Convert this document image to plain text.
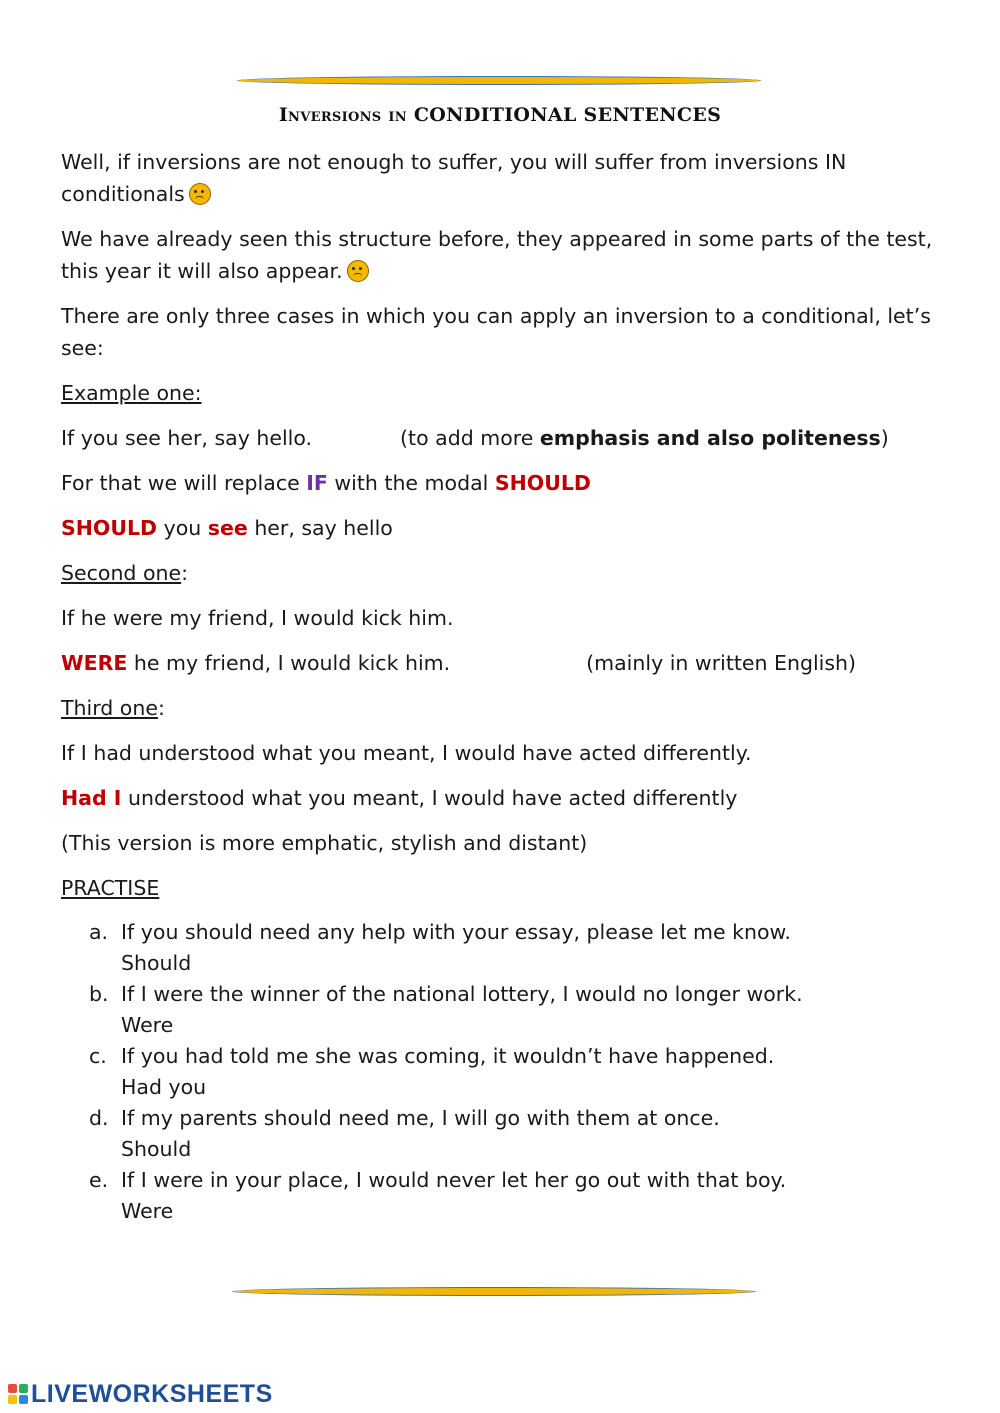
Inversions in CONDITIONAL SENTENCES

Well, if inversions are not enough to suffer, you will suffer from inversions IN conditionals

We have already seen this structure before, they appeared in some parts of the test, this year it will also appear.

There are only three cases in which you can apply an inversion to a conditional, let’s see:

Example one:

If you see her, say hello.	(to add more emphasis and also politeness)

For that we will replace IF with the modal SHOULD

SHOULD you see her, say hello

Second one:

If he were my friend, I would kick him.

WERE he my friend, I would kick him.	(mainly in written English)

Third one:

If I had understood what you meant, I would have acted differently.

Had I understood what you meant, I would have acted differently

(This version is more emphatic, stylish and distant)

PRACTISE

a. If you should need any help with your essay, please let me know.
Should
b. If I were the winner of the national lottery, I would no longer work.
Were
c. If you had told me she was coming, it wouldn’t have happened.
Had you
d. If my parents should need me, I will go with them at once.
Should
e. If I were in your place, I would never let her go out with that boy.
Were
LIVEWORKSHEETS
